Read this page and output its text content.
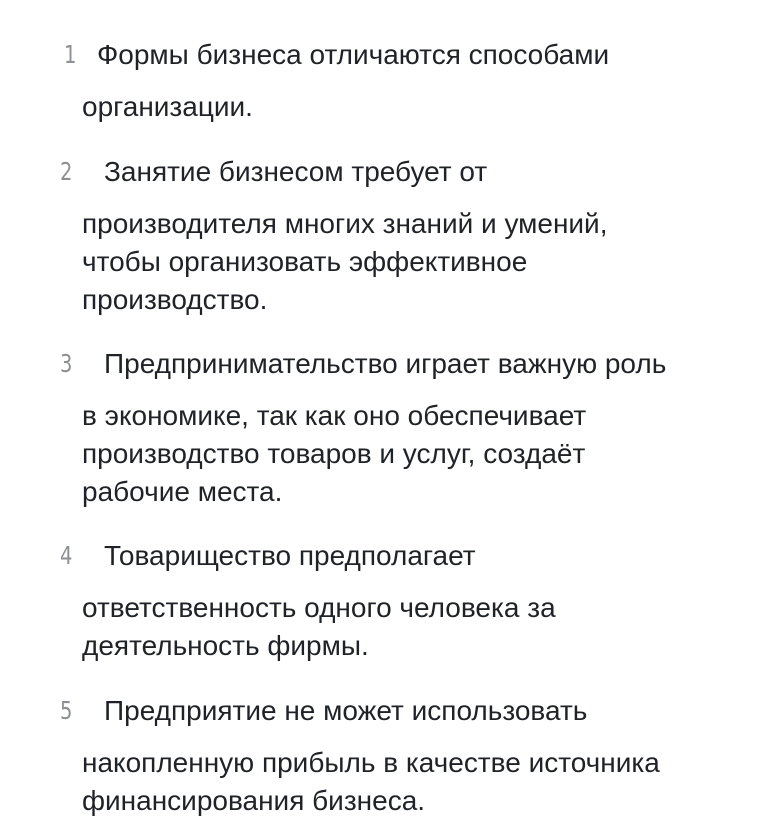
1 Формы бизнеса отличаются способами
организации.
2 Занятие бизнесом требует от
производителя многих знаний и умений,
чтобы организовать эффективное
производство.
3 Предпринимательство играет важную роль
в экономике, так как оно обеспечивает
производство товаров и услуг, создаёт
рабочие места.
4 Товарищество предполагает
ответственность одного человека за
деятельность фирмы.
5 Предприятие не может использовать
накопленную прибыль в качестве источника
финансирования бизнеса.
